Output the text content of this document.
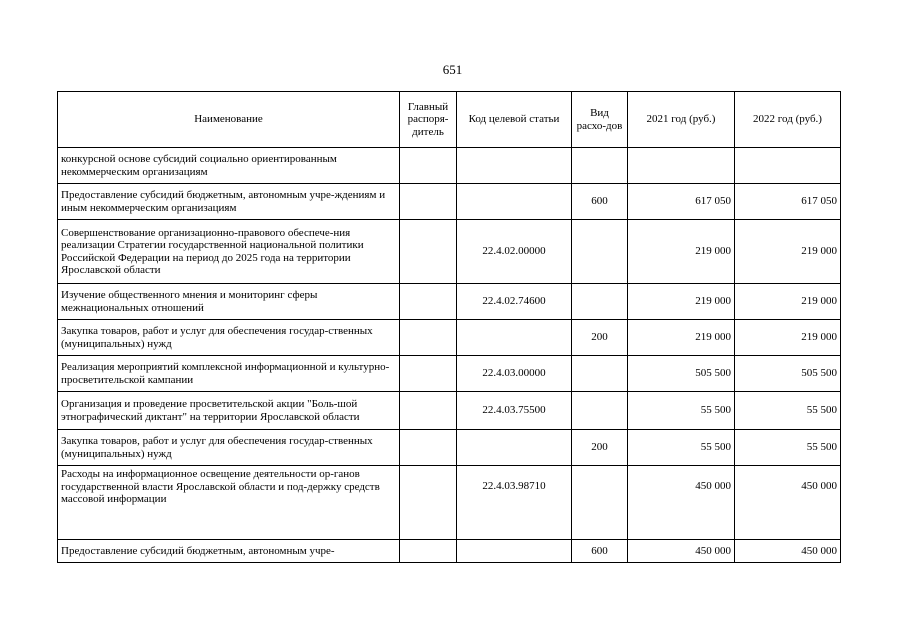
651
Наименование	Главный распоря-дитель	Код целевой статьи	Вид расхо-дов	2021 год (руб.)	2022 год (руб.)
конкурсной основе субсидий социально ориентированным некоммерческим организациям					
Предоставление субсидий бюджетным, автономным учре-ждениям и иным некоммерческим организациям			600	617 050	617 050
Совершенствование организационно-правового обеспече-ния реализации Стратегии государственной национальной политики Российской Федерации на период до 2025 года на территории Ярославской области		22.4.02.00000		219 000	219 000
Изучение общественного мнения и мониторинг сферы межнациональных отношений		22.4.02.74600		219 000	219 000
Закупка товаров, работ и услуг для обеспечения государ-ственных (муниципальных) нужд			200	219 000	219 000
Реализация мероприятий комплексной информационной и культурно-просветительской кампании		22.4.03.00000		505 500	505 500
Организация и проведение просветительской акции "Боль-шой этнографический диктант" на территории Ярославской области		22.4.03.75500		55 500	55 500
Закупка товаров, работ и услуг для обеспечения государ-ственных (муниципальных) нужд			200	55 500	55 500
Расходы на информационное освещение деятельности ор-ганов государственной власти Ярославской области и под-держку средств массовой информации		22.4.03.98710		450 000	450 000
Предоставление субсидий бюджетным, автономным учре-			600	450 000	450 000
